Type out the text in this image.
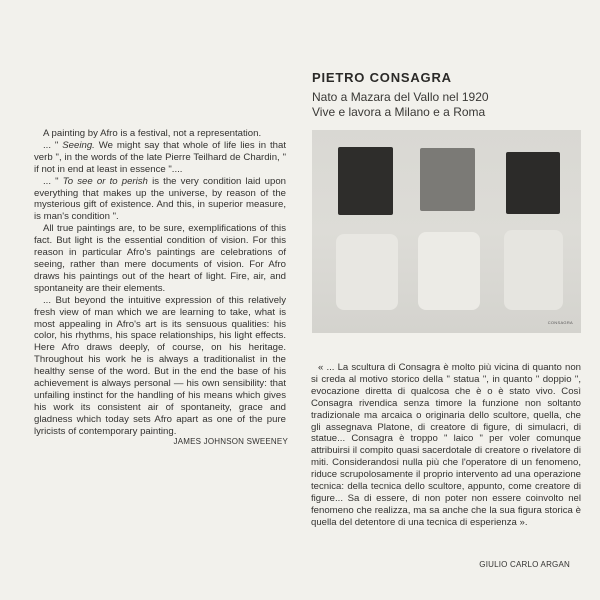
A painting by Afro is a festival, not a representation.

... " Seeing. We might say that whole of life lies in that verb ", in the words of the late Pierre Teilhard de Chardin, " if not in end at least in essence "....

... " To see or to perish is the very condition laid upon everything that makes up the universe, by reason of the mysterious gift of existence. And this, in superior measure, is man's condition ".

All true paintings are, to be sure, exemplifications of this fact. But light is the essential condition of vision. For this reason in particular Afro's paintings are celebrations of seeing, rather than mere documents of vision. For Afro draws his paintings out of the heart of light. Fire, air, and spontaneity are their elements.

... But beyond the intuitive expression of this relatively fresh view of man which we are learning to take, what is most appealing in Afro's art is its sensuous qualities: his color, his rhythms, his space relationships, his light effects. Here Afro draws deeply, of course, on his heritage. Throughout his work he is always a traditionalist in the healthy sense of the word. But in the end the base of his achievement is always personal — his own sensibility: that unfailing instinct for the handling of his means which gives his work its consistent air of spontaneity, grace and gladness which today sets Afro apart as one of the pure lyricists of contemporary painting.

JAMES JOHNSON SWEENEY
PIETRO CONSAGRA
Nato a Mazara del Vallo nel 1920
Vive e lavora a Milano e a Roma
CONSAGRA

« ... La scultura di Consagra è molto più vicina di quanto non si creda al motivo storico della " statua ", in quanto " doppio ", evocazione diretta di qualcosa che è o è stato vivo. Così Consagra rivendica senza timore la funzione non soltanto tradizionale ma arcaica o originaria dello scultore, quella, che gli assegnava Platone, di creatore di figure, di simulacri, di statue... Consagra è troppo " laico " per voler comunque attribuirsi il compito quasi sacerdotale di creatore o rivelatore di miti. Considerandosi nulla più che l'operatore di un fenomeno, riduce scrupolosamente il proprio intervento ad una operazione tecnica: della tecnica dello scultore, appunto, come creatore di figure... Sa di essere, di non poter non essere coinvolto nel fenomeno che realizza, ma sa anche che la sua figura storica è quella del detentore di una tecnica di esperienza ».

GIULIO CARLO ARGAN
